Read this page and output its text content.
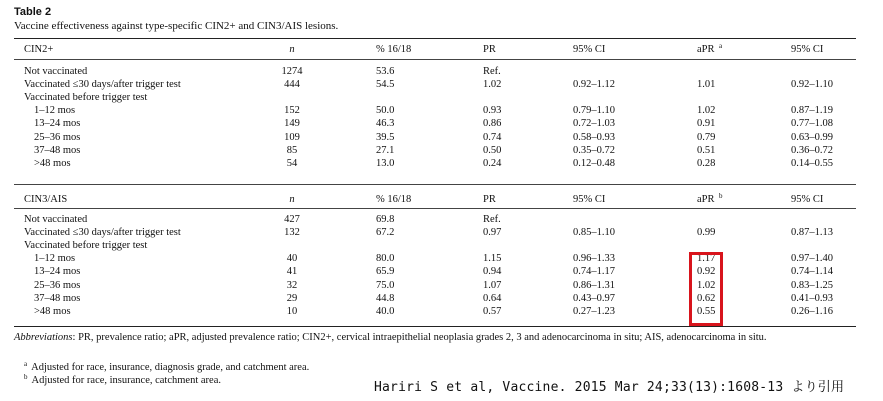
Table 2
Vaccine effectiveness against type-specific CIN2+ and CIN3/AIS lesions.
CIN2+	n	% 16/18	PR	95% CI	aPR a	95% CI
Not vaccinated	1274	53.6	Ref.
Vaccinated ≤30 days/after trigger test	444	54.5	1.02	0.92–1.12	1.01	0.92–1.10
Vaccinated before trigger test
1–12 mos	152	50.0	0.93	0.79–1.10	1.02	0.87–1.19
13–24 mos	149	46.3	0.86	0.72–1.03	0.91	0.77–1.08
25–36 mos	109	39.5	0.74	0.58–0.93	0.79	0.63–0.99
37–48 mos	85	27.1	0.50	0.35–0.72	0.51	0.36–0.72
>48 mos	54	13.0	0.24	0.12–0.48	0.28	0.14–0.55
CIN3/AIS	n	% 16/18	PR	95% CI	aPR b	95% CI
Not vaccinated	427	69.8	Ref.
Vaccinated ≤30 days/after trigger test	132	67.2	0.97	0.85–1.10	0.99	0.87–1.13
Vaccinated before trigger test
1–12 mos	40	80.0	1.15	0.96–1.33	1.17	0.97–1.40
13–24 mos	41	65.9	0.94	0.74–1.17	0.92	0.74–1.14
25–36 mos	32	75.0	1.07	0.86–1.31	1.02	0.83–1.25
37–48 mos	29	44.8	0.64	0.43–0.97	0.62	0.41–0.93
>48 mos	10	40.0	0.57	0.27–1.23	0.55	0.26–1.16
Abbreviations: PR, prevalence ratio; aPR, adjusted prevalence ratio; CIN2+, cervical intraepithelial neoplasia grades 2, 3 and adenocarcinoma in situ; AIS, adenocarcinoma in situ.
$^a$ Adjusted for race, insurance, diagnosis grade, and catchment area.
$^b$ Adjusted for race, insurance, catchment area.	Hariri S et al, Vaccine. 2015 Mar 24;33(13):1608-13 より引用
